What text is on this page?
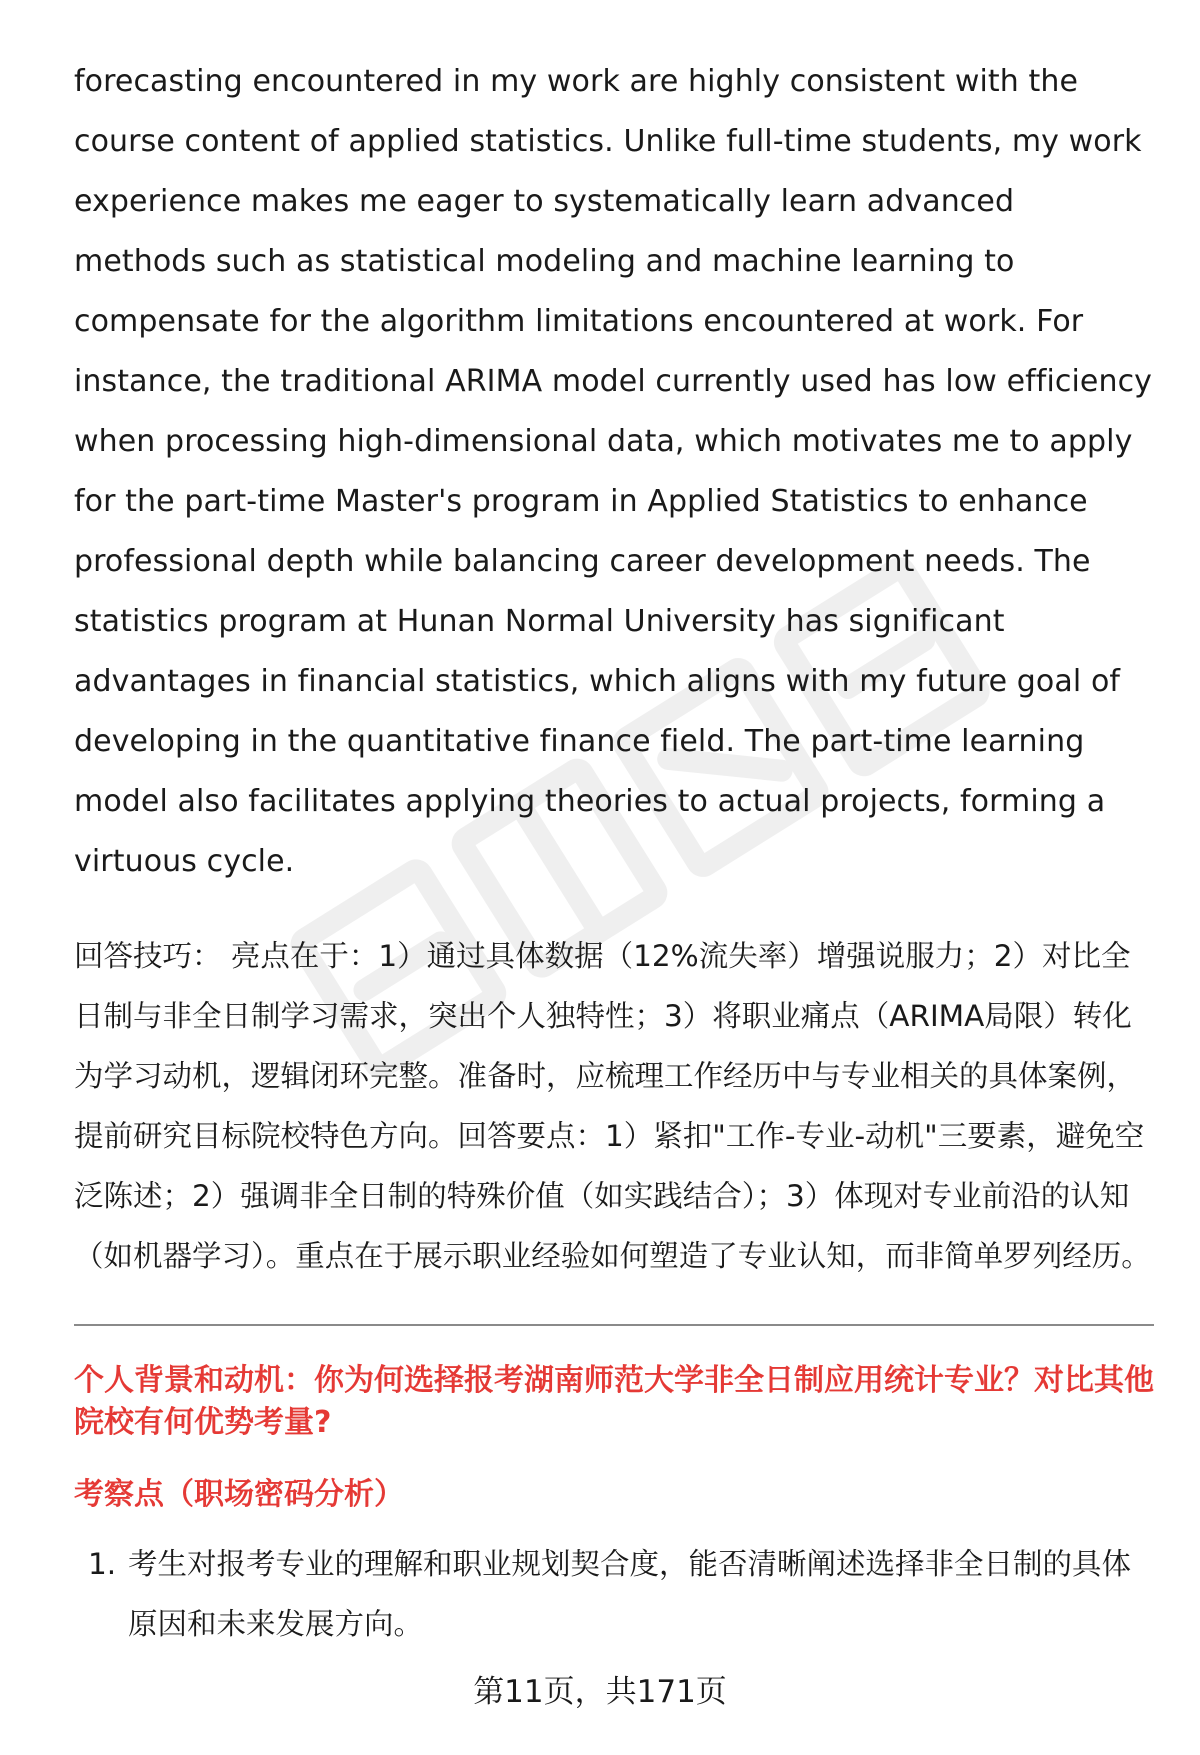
forecasting encountered in my work are highly consistent with the course content of applied statistics. Unlike full-time students, my work experience makes me eager to systematically learn advanced methods such as statistical modeling and machine learning to compensate for the algorithm limitations encountered at work. For instance, the traditional ARIMA model currently used has low efficiency when processing high-dimensional data, which motivates me to apply for the part-time Master's program in Applied Statistics to enhance professional depth while balancing career development needs. The statistics program at Hunan Normal University has significant advantages in financial statistics, which aligns with my future goal of developing in the quantitative finance field. The part-time learning model also facilitates applying theories to actual projects, forming a virtuous cycle.

回答技巧： 亮点在于：1）通过具体数据（12%流失率）增强说服力；2）对比全日制与非全日制学习需求，突出个人独特性；3）将职业痛点（ARIMA局限）转化为学习动机，逻辑闭环完整。准备时，应梳理工作经历中与专业相关的具体案例，提前研究目标院校特色方向。回答要点：1）紧扣"工作-专业-动机"三要素，避免空泛陈述；2）强调非全日制的特殊价值（如实践结合）；3）体现对专业前沿的认知（如机器学习）。重点在于展示职业经验如何塑造了专业认知，而非简单罗列经历。

个人背景和动机：你为何选择报考湖南师范大学非全日制应用统计专业？对比其他院校有何优势考量?
考察点（职场密码分析）
1. 考生对报考专业的理解和职业规划契合度，能否清晰阐述选择非全日制的具体原因和未来发展方向。
第11页，共171页
